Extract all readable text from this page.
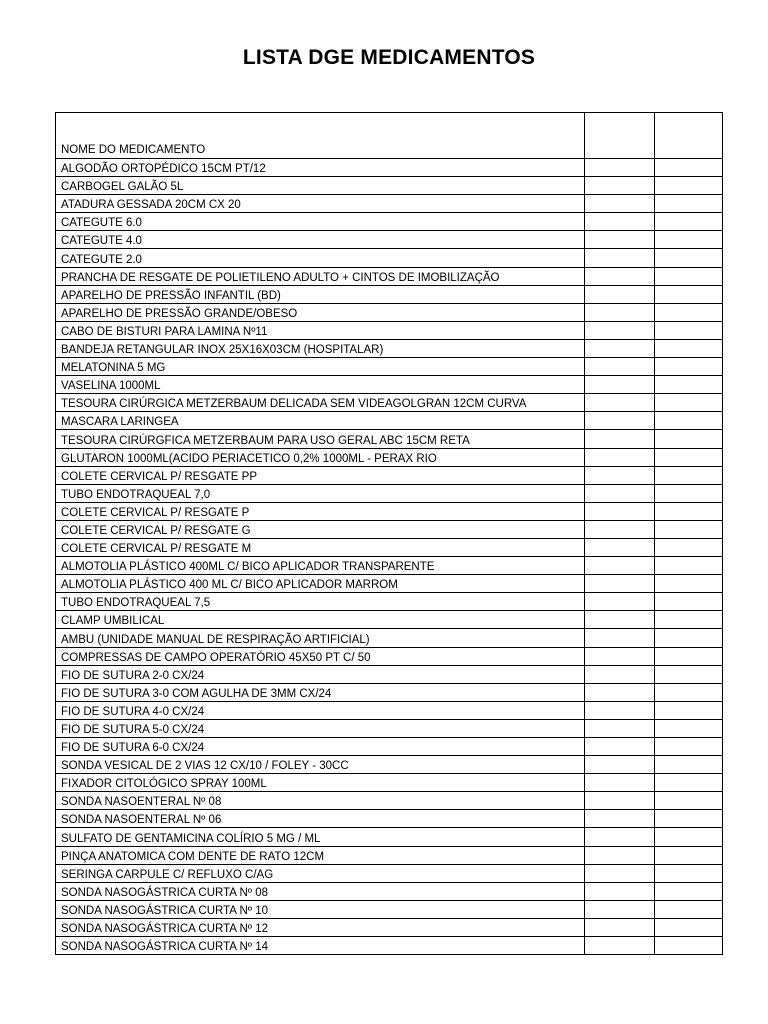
LISTA DGE MEDICAMENTOS
NOME DO MEDICAMENTO		
ALGODÃO ORTOPÉDICO 15CM PT/12		
CARBOGEL GALÃO 5L		
ATADURA GESSADA 20CM CX 20		
CATEGUTE 6.0		
CATEGUTE 4.0		
CATEGUTE 2.0		
PRANCHA DE RESGATE DE POLIETILENO ADULTO + CINTOS DE IMOBILIZAÇÃO		
APARELHO DE PRESSÃO INFANTIL (BD)		
APARELHO DE PRESSÃO GRANDE/OBESO		
CABO DE BISTURI PARA LAMINA Nº11		
BANDEJA RETANGULAR INOX 25X16X03CM (HOSPITALAR)		
MELATONINA 5 MG		
VASELINA 1000ML		
TESOURA CIRÚRGICA METZERBAUM DELICADA SEM VIDEAGOLGRAN 12CM CURVA		
MASCARA LARINGEA		
TESOURA CIRÚRGFICA METZERBAUM PARA USO GERAL ABC 15CM RETA		
GLUTARON 1000ML(ACIDO PERIACETICO 0,2% 1000ML - PERAX RIO		
COLETE CERVICAL P/ RESGATE PP		
TUBO ENDOTRAQUEAL 7,0		
COLETE CERVICAL P/ RESGATE P		
COLETE CERVICAL P/ RESGATE G		
COLETE CERVICAL P/ RESGATE M		
ALMOTOLIA PLÁSTICO 400ML C/ BICO APLICADOR TRANSPARENTE		
ALMOTOLIA PLÁSTICO 400 ML C/ BICO APLICADOR MARROM		
TUBO ENDOTRAQUEAL 7,5		
CLAMP UMBILICAL		
AMBU (UNIDADE MANUAL DE RESPIRAÇÃO ARTIFICIAL)		
COMPRESSAS DE CAMPO OPERATÓRIO 45X50 PT C/ 50		
FIO DE SUTURA 2-0 CX/24		
FIO DE SUTURA 3-0 COM AGULHA DE 3MM CX/24		
FIO DE SUTURA 4-0 CX/24		
FIO DE SUTURA 5-0 CX/24		
FIO DE SUTURA 6-0 CX/24		
SONDA VESICAL DE 2 VIAS 12 CX/10 / FOLEY - 30CC		
FIXADOR CITOLÓGICO SPRAY 100ML		
SONDA NASOENTERAL Nº 08		
SONDA NASOENTERAL Nº 06		
SULFATO DE GENTAMICINA COLÍRIO 5 MG / ML		
PINÇA ANATOMICA COM DENTE DE RATO 12CM		
SERINGA CARPULE C/ REFLUXO C/AG		
SONDA NASOGÁSTRICA CURTA Nº 08		
SONDA NASOGÁSTRICA CURTA Nº 10		
SONDA NASOGÁSTRICA CURTA Nº 12		
SONDA NASOGÁSTRICA CURTA Nº 14		
